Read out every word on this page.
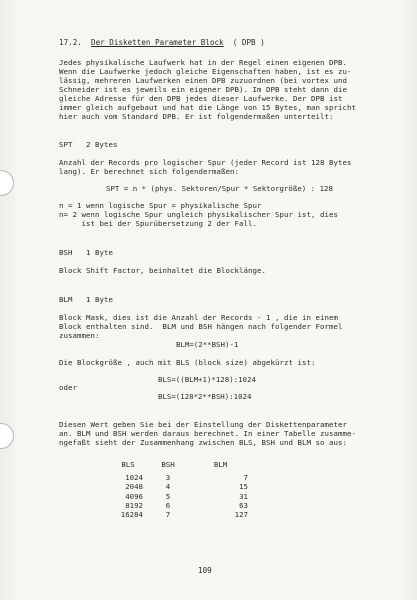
17.2. Der Disketten Parameter Block ( DPB )
Jedes physikalische Laufwerk hat in der Regel einen eigenen DPB.
Wenn die Laufwerke jedoch gleiche Eigenschaften haben, ist es zu-
lässig, mehreren Laufwerken einen DPB zuzuordnen (bei vortex und
Schneider ist es jeweils ein eigener DPB). Im DPB steht dann die
gleiche Adresse für den DPB jedes dieser Laufwerke. Der DPB ist
immer gleich aufgebaut und hat die Länge von 15 Bytes, man spricht
hier auch vom Standard DPB. Er ist folgendermaßen unterteilt:
SPT 2 Bytes
Anzahl der Records pro logischer Spur (jeder Record ist 128 Bytes
lang). Er berechnet sich folgendermaßen:
SPT = n * (phys. Sektoren/Spur * Sektorgröße) : 128
n = 1 wenn logische Spur = physikalische Spur
n= 2 wenn logische Spur ungleich physikalischer Spur ist, dies
ist bei der Spurübersetzung 2 der Fall.
BSH 1 Byte
Block Shift Factor, beinhaltet die Blocklänge.
BLM 1 Byte
Block Mask, dies ist die Anzahl der Records - 1 , die in einem
Block enthalten sind.  BLM und BSH hängen nach folgender Formel
zusammen:
BLM=(2**BSH)-1
Die Blockgröße , auch mit BLS (block size) abgekürzt ist:
BLS=((BLM+1)*128):1024
oder
BLS=(128*2**BSH):1024
Diesen Wert geben Sie bei der Einstellung der Diskettenparameter
an. BLM und BSH werden daraus berechnet. In einer Tabelle zusamme-
ngefaßt sieht der Zusammenhang zwischen BLS, BSH und BLM so aus:
BLS	BSH	BLM
1024	3	7
2048	4	15
4096	5	31
8192	6	63
16284	7	127
109
